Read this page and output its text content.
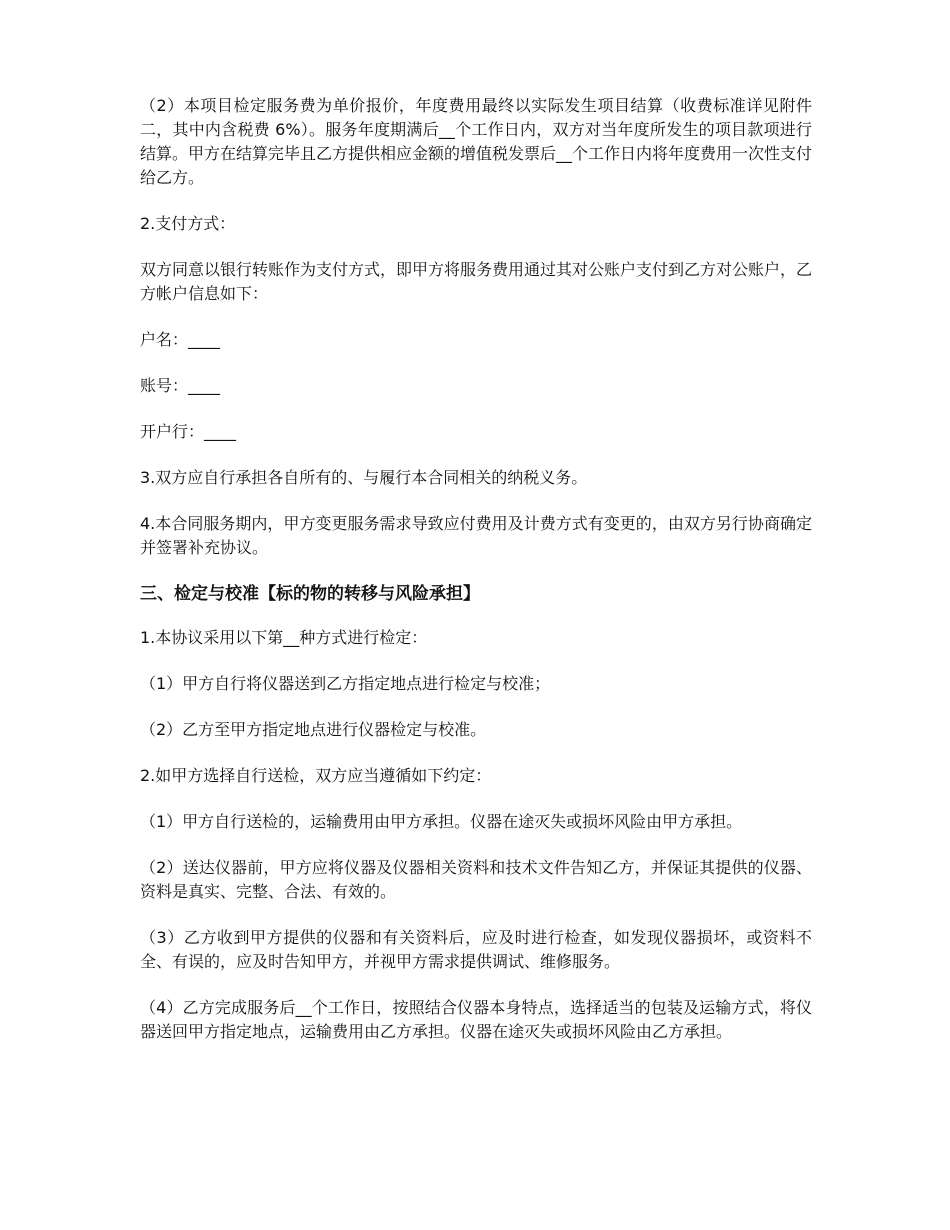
（2）本项目检定服务费为单价报价，年度费用最终以实际发生项目结算（收费标准详见附件二，其中内含税费 6%）。服务年度期满后__个工作日内，双方对当年度所发生的项目款项进行结算。甲方在结算完毕且乙方提供相应金额的增值税发票后__个工作日内将年度费用一次性支付给乙方。

2.支付方式：

双方同意以银行转账作为支付方式，即甲方将服务费用通过其对公账户支付到乙方对公账户，乙方帐户信息如下：

户名：____

账号：____

开户行：____

3.双方应自行承担各自所有的、与履行本合同相关的纳税义务。

4.本合同服务期内，甲方变更服务需求导致应付费用及计费方式有变更的，由双方另行协商确定并签署补充协议。

三、检定与校准【标的物的转移与风险承担】

1.本协议采用以下第__种方式进行检定：

（1）甲方自行将仪器送到乙方指定地点进行检定与校准；

（2）乙方至甲方指定地点进行仪器检定与校准。

2.如甲方选择自行送检，双方应当遵循如下约定：

（1）甲方自行送检的，运输费用由甲方承担。仪器在途灭失或损坏风险由甲方承担。

（2）送达仪器前，甲方应将仪器及仪器相关资料和技术文件告知乙方，并保证其提供的仪器、资料是真实、完整、合法、有效的。

（3）乙方收到甲方提供的仪器和有关资料后，应及时进行检查，如发现仪器损坏，或资料不全、有误的，应及时告知甲方，并视甲方需求提供调试、维修服务。

（4）乙方完成服务后__个工作日，按照结合仪器本身特点，选择适当的包装及运输方式，将仪器送回甲方指定地点，运输费用由乙方承担。仪器在途灭失或损坏风险由乙方承担。
